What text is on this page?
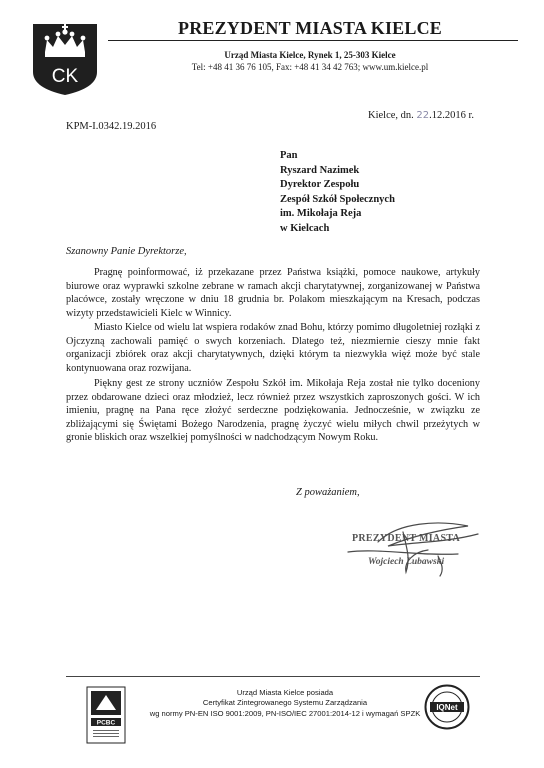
CK
PREZYDENT MIASTA KIELCE
Urząd Miasta Kielce, Rynek 1, 25-303 Kielce
Tel: +48 41 36 76 105, Fax: +48 41 34 42 763; www.um.kielce.pl
Kielce, dn. 22.12.2016 r.
KPM-I.0342.19.2016
Pan
Ryszard Nazimek
Dyrektor Zespołu
Zespół Szkół Społecznych
im. Mikołaja Reja
w Kielcach
Szanowny Panie Dyrektorze,

Pragnę poinformować, iż przekazane przez Państwa książki, pomoce naukowe, artykuły biurowe oraz wyprawki szkolne zebrane w ramach akcji charytatywnej, zorganizowanej w Państwa placówce, zostały wręczone w dniu 18 grudnia br. Polakom mieszkającym na Kresach, podczas wizyty przedstawicieli Kielc w Winnicy.

Miasto Kielce od wielu lat wspiera rodaków znad Bohu, którzy pomimo długoletniej rozłąki z Ojczyzną zachowali pamięć o swych korzeniach. Dlatego też, niezmiernie cieszy mnie fakt organizacji zbiórek oraz akcji charytatywnych, dzięki którym ta niezwykła więź może być stale kontynuowana oraz rozwijana.

Piękny gest ze strony uczniów Zespołu Szkół im. Mikołaja Reja został nie tylko doceniony przez obdarowane dzieci oraz młodzież, lecz również przez wszystkich zaproszonych gości. W ich imieniu, pragnę na Pana ręce złożyć serdeczne podziękowania. Jednocześnie, w związku ze zbliżającymi się Świętami Bożego Narodzenia, pragnę życzyć wielu miłych chwil przeżytych w gronie bliskich oraz wszelkiej pomyślności w nadchodzącym Nowym Roku.

Z poważaniem,
PREZYDENT MIASTA
Wojciech Lubawski
PCBC
Urząd Miasta Kielce posiada
Certyfikat Zintegrowanego Systemu Zarządzania
wg normy PN-EN ISO 9001:2009, PN-ISO/IEC 27001:2014-12 i wymagań SPZK
IQNet
